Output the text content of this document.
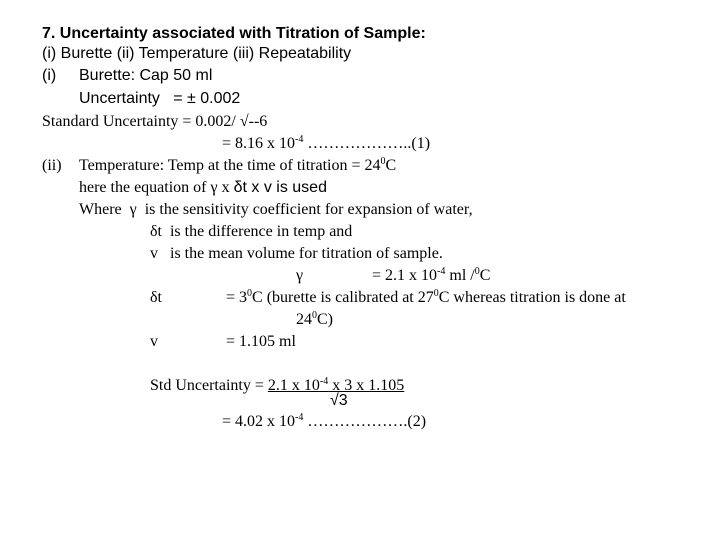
7. Uncertainty associated with Titration of Sample:
(i) Burette (ii) Temperature (iii) Repeatability
(i) Burette: Cap 50 ml
Uncertainty   = ± 0.002
Standard Uncertainty = 0.002/ √--6
= 8.16 x $10^{-4}$ ………………..(1)
(ii) Temperature: Temp at the time of titration = $24^0C$
here the equation of γ x δt x v is used
Where  γ  is the sensitivity coefficient for expansion of water,
δt  is the difference in temp and
v   is the mean volume for titration of sample.
γ	= 2.1 x $10^{-4}$ ml /$^0$C
δt	= $3^0C$ (burette is calibrated at $27^0C$ whereas titration is done at
$24^0C$)
v	= 1.105 ml
Std Uncertainty = 2.1 x $10^{-4}$ x 3 x 1.105
√3
= 4.02 x $10^{-4}$ ……………….(2)
